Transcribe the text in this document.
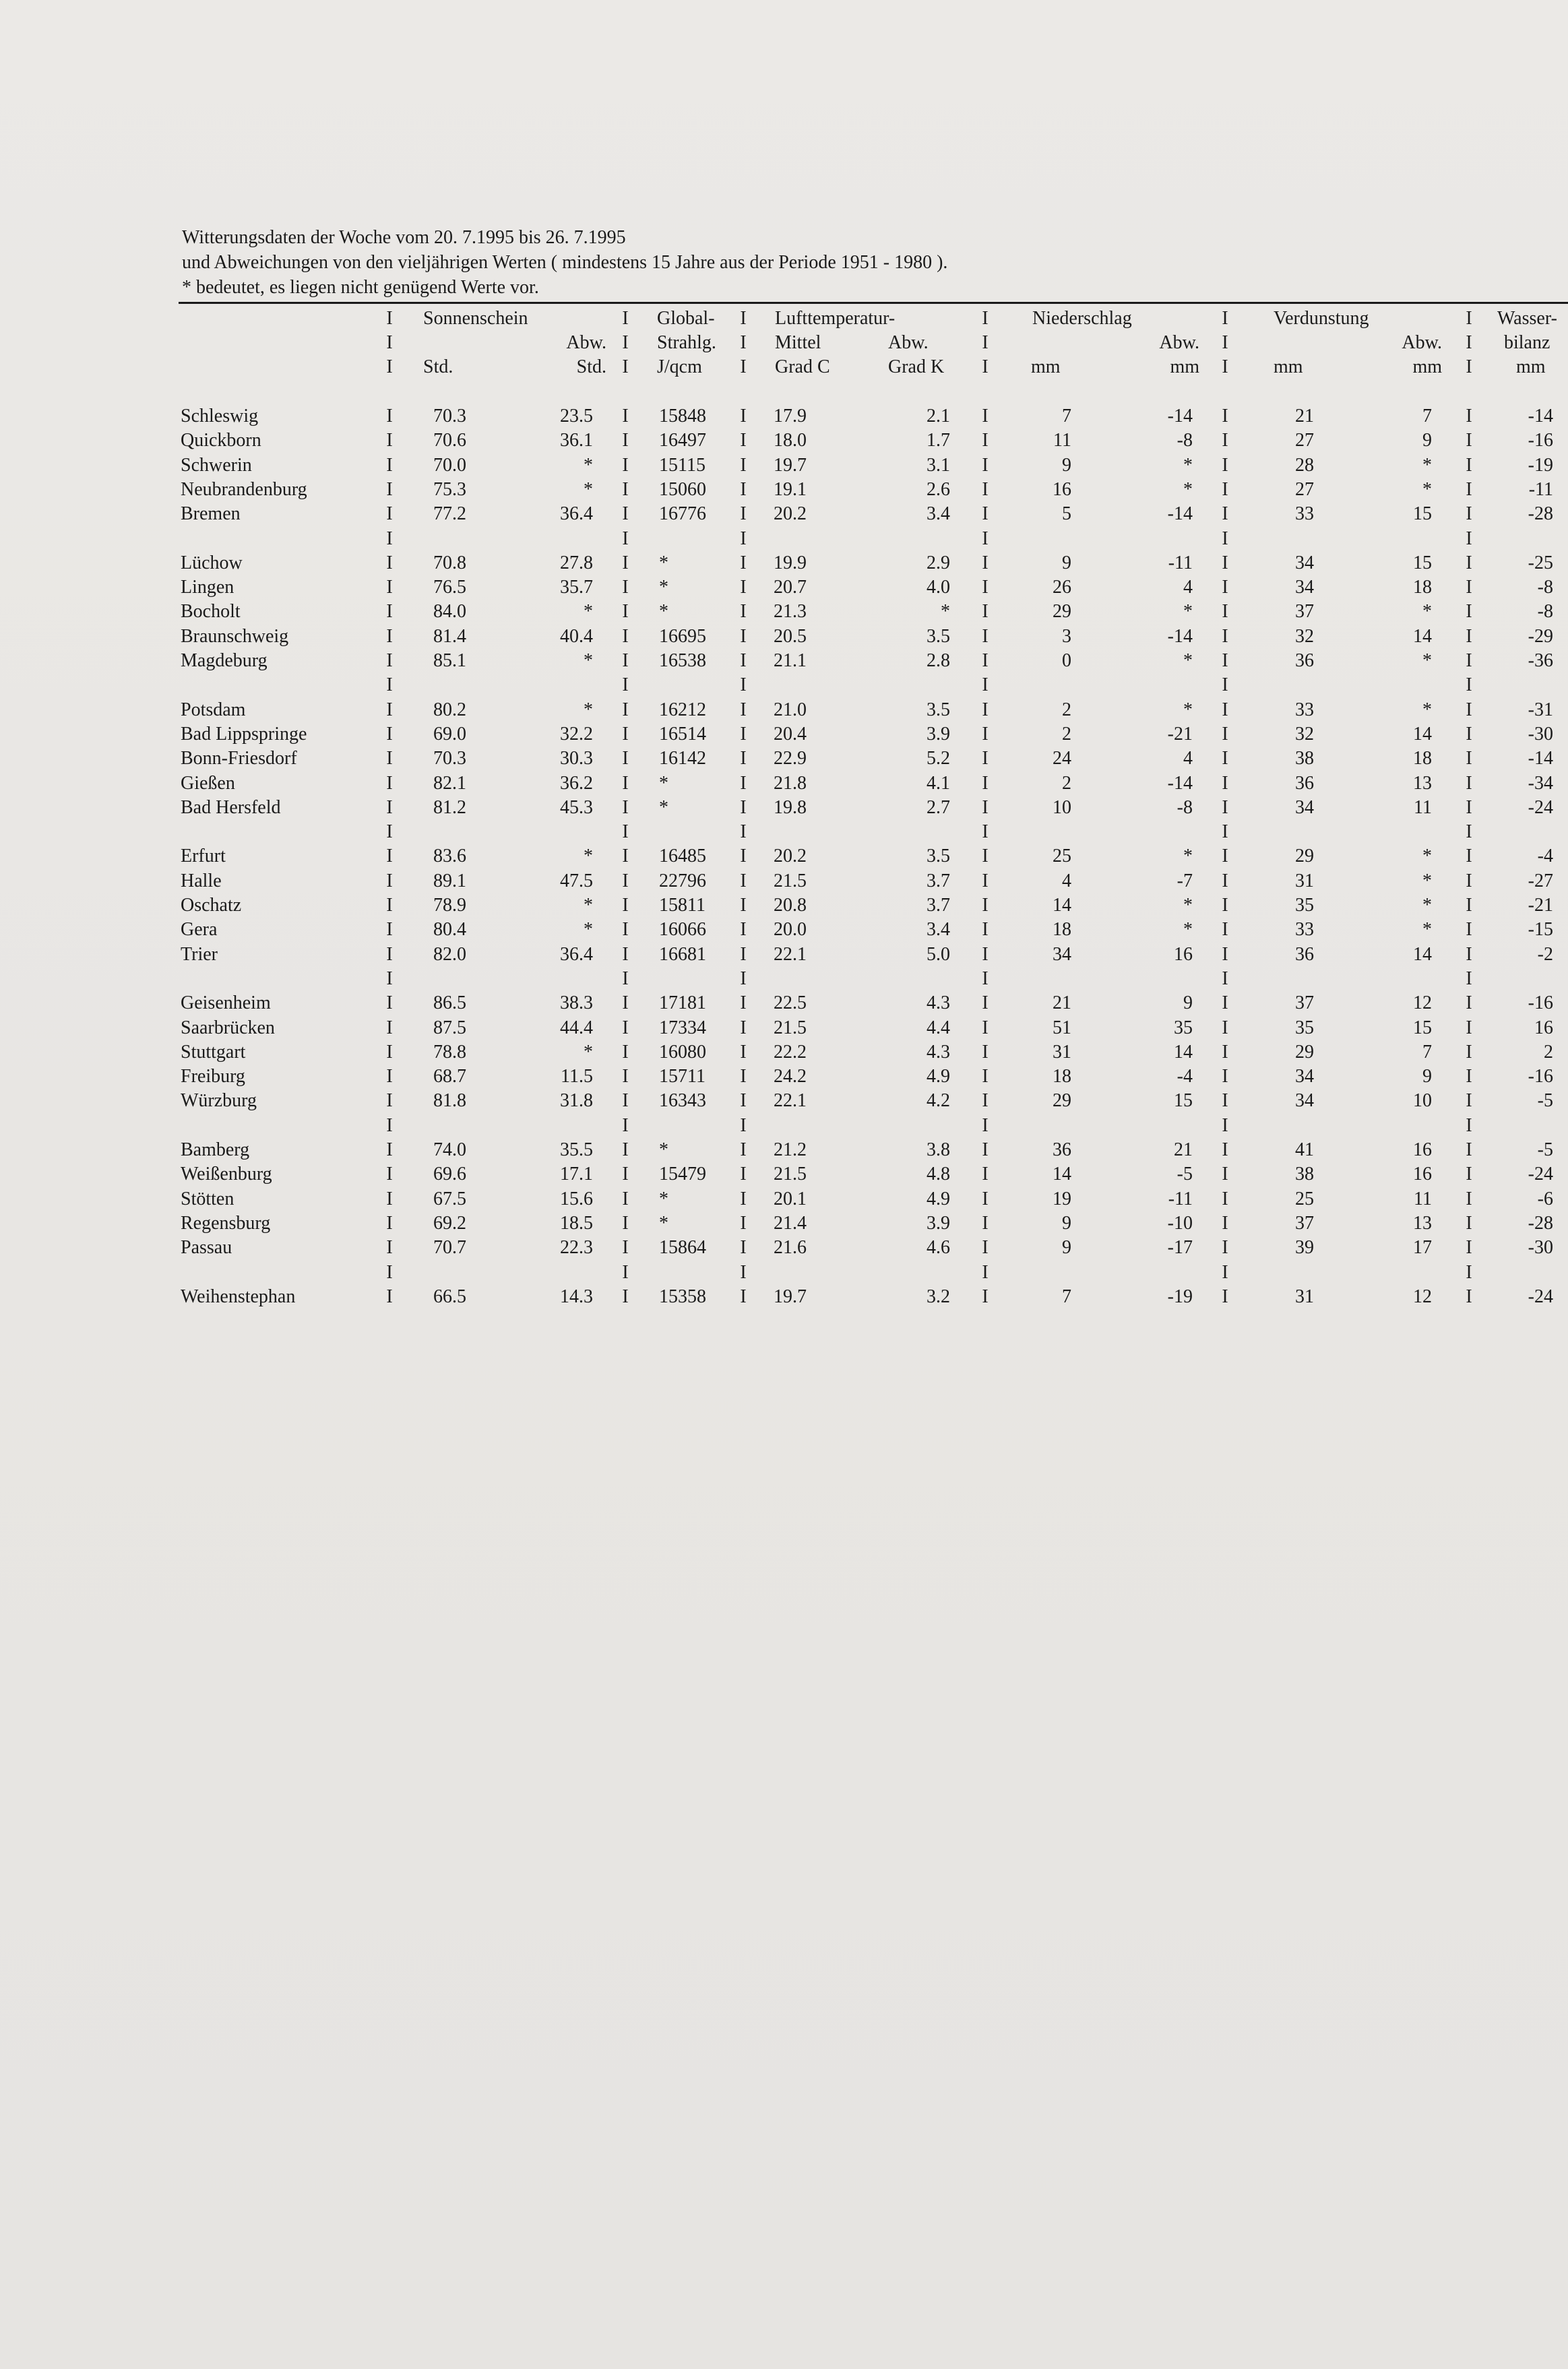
Witterungsdaten der Woche vom 20. 7.1995 bis 26. 7.1995
und Abweichungen von den vieljährigen Werten ( mindestens 15 Jahre aus der Periode 1951 - 1980 ).
* bedeutet, es liegen nicht genügend Werte vor.
I	I	I	I	I	I
Sonnenschein	Global-	Lufttemperatur-	Niederschlag	Verdunstung	Wasser-
I	I	I	I	I	I
Abw.	Strahlg.	Mittel	Abw.	Abw.	Abw.	bilanz
I	I	I	I	I	I
Std.	Std.	J/qcm	Grad C	Grad K	mm	mm	mm	mm	mm
I	I	I	I	I	I
Schleswig	70.3	23.5	15848	17.9	2.1	7	-14	21	7	-14
I	I	I	I	I	I
Quickborn	70.6	36.1	16497	18.0	1.7	11	-8	27	9	-16
I	I	I	I	I	I
Schwerin	70.0	*	15115	19.7	3.1	9	*	28	*	-19
I	I	I	I	I	I
Neubrandenburg	75.3	*	15060	19.1	2.6	16	*	27	*	-11
I	I	I	I	I	I
Bremen	77.2	36.4	16776	20.2	3.4	5	-14	33	15	-28
I	I	I	I	I	I
I	I	I	I	I	I
Lüchow	70.8	27.8	*	19.9	2.9	9	-11	34	15	-25
I	I	I	I	I	I
Lingen	76.5	35.7	*	20.7	4.0	26	4	34	18	-8
I	I	I	I	I	I
Bocholt	84.0	*	*	21.3	*	29	*	37	*	-8
I	I	I	I	I	I
Braunschweig	81.4	40.4	16695	20.5	3.5	3	-14	32	14	-29
I	I	I	I	I	I
Magdeburg	85.1	*	16538	21.1	2.8	0	*	36	*	-36
I	I	I	I	I	I
I	I	I	I	I	I
Potsdam	80.2	*	16212	21.0	3.5	2	*	33	*	-31
I	I	I	I	I	I
Bad Lippspringe	69.0	32.2	16514	20.4	3.9	2	-21	32	14	-30
I	I	I	I	I	I
Bonn-Friesdorf	70.3	30.3	16142	22.9	5.2	24	4	38	18	-14
I	I	I	I	I	I
Gießen	82.1	36.2	*	21.8	4.1	2	-14	36	13	-34
I	I	I	I	I	I
Bad Hersfeld	81.2	45.3	*	19.8	2.7	10	-8	34	11	-24
I	I	I	I	I	I
I	I	I	I	I	I
Erfurt	83.6	*	16485	20.2	3.5	25	*	29	*	-4
I	I	I	I	I	I
Halle	89.1	47.5	22796	21.5	3.7	4	-7	31	*	-27
I	I	I	I	I	I
Oschatz	78.9	*	15811	20.8	3.7	14	*	35	*	-21
I	I	I	I	I	I
Gera	80.4	*	16066	20.0	3.4	18	*	33	*	-15
I	I	I	I	I	I
Trier	82.0	36.4	16681	22.1	5.0	34	16	36	14	-2
I	I	I	I	I	I
I	I	I	I	I	I
Geisenheim	86.5	38.3	17181	22.5	4.3	21	9	37	12	-16
I	I	I	I	I	I
Saarbrücken	87.5	44.4	17334	21.5	4.4	51	35	35	15	16
I	I	I	I	I	I
Stuttgart	78.8	*	16080	22.2	4.3	31	14	29	7	2
I	I	I	I	I	I
Freiburg	68.7	11.5	15711	24.2	4.9	18	-4	34	9	-16
I	I	I	I	I	I
Würzburg	81.8	31.8	16343	22.1	4.2	29	15	34	10	-5
I	I	I	I	I	I
I	I	I	I	I	I
Bamberg	74.0	35.5	*	21.2	3.8	36	21	41	16	-5
I	I	I	I	I	I
Weißenburg	69.6	17.1	15479	21.5	4.8	14	-5	38	16	-24
I	I	I	I	I	I
Stötten	67.5	15.6	*	20.1	4.9	19	-11	25	11	-6
I	I	I	I	I	I
Regensburg	69.2	18.5	*	21.4	3.9	9	-10	37	13	-28
I	I	I	I	I	I
Passau	70.7	22.3	15864	21.6	4.6	9	-17	39	17	-30
I	I	I	I	I	I
I	I	I	I	I	I
Weihenstephan	66.5	14.3	15358	19.7	3.2	7	-19	31	12	-24
